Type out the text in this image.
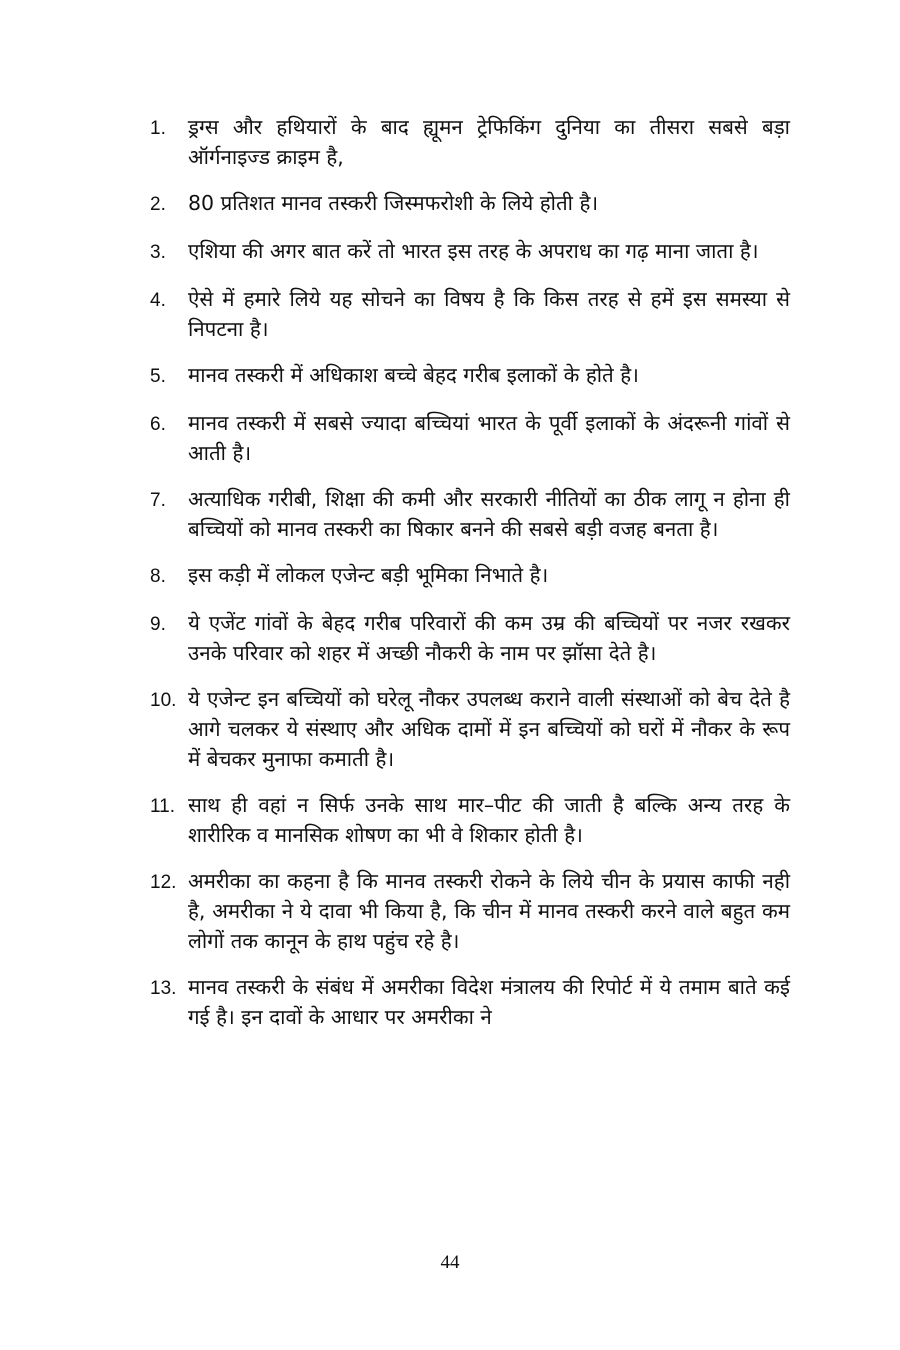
1.	ड्रग्स और हथियारों के बाद ह्यूमन ट्रेफिकिंग दुनिया का तीसरा सबसे बड़ा ऑर्गनाइज्ड क्राइम है,
2.	80 प्रतिशत मानव तस्करी जिस्मफरोशी के लिये होती है।
3.	एशिया की अगर बात करें तो भारत इस तरह के अपराध का गढ़ माना जाता है।
4.	ऐसे में हमारे लिये यह सोचने का विषय है कि किस तरह से हमें इस समस्या से निपटना है।
5.	मानव तस्करी में अधिकाश बच्चे बेहद गरीब इलाकों के होते है।
6.	मानव तस्करी में सबसे ज्यादा बच्चियां भारत के पूर्वी इलाकों के अंदरूनी गांवों से आती है।
7.	अत्याधिक गरीबी, शिक्षा की कमी और सरकारी नीतियों का ठीक लागू न होना ही बच्चियों को मानव तस्करी का षिकार बनने की सबसे बड़ी वजह बनता है।
8.	इस कड़ी में लोकल एजेन्ट बड़ी भूमिका निभाते है।
9.	ये एजेंट गांवों के बेहद गरीब परिवारों की कम उम्र की बच्चियों पर नजर रखकर उनके परिवार को शहर में अच्छी नौकरी के नाम पर झॉसा देते है।
10. ये एजेन्ट इन बच्चियों को घरेलू नौकर उपलब्ध कराने वाली संस्थाओं को बेच देते है आगे चलकर ये संस्थाए और अधिक दामों में इन बच्चियों को घरों में नौकर के रूप में बेचकर मुनाफा कमाती है।
11. साथ ही वहां न सिर्फ उनके साथ मार–पीट की जाती है बल्कि अन्य तरह के शारीरिक व मानसिक शोषण का भी वे शिकार होती है।
12. अमरीका का कहना है कि मानव तस्करी रोकने के लिये चीन के प्रयास काफी नही है, अमरीका ने ये दावा भी किया है, कि चीन में मानव तस्करी करने वाले बहुत कम लोगों तक कानून के हाथ पहुंच रहे है।
13. मानव तस्करी के संबंध में अमरीका विदेश मंत्रालय की रिपोर्ट में ये तमाम बाते कई गई है। इन दावों के आधार पर अमरीका ने
44
